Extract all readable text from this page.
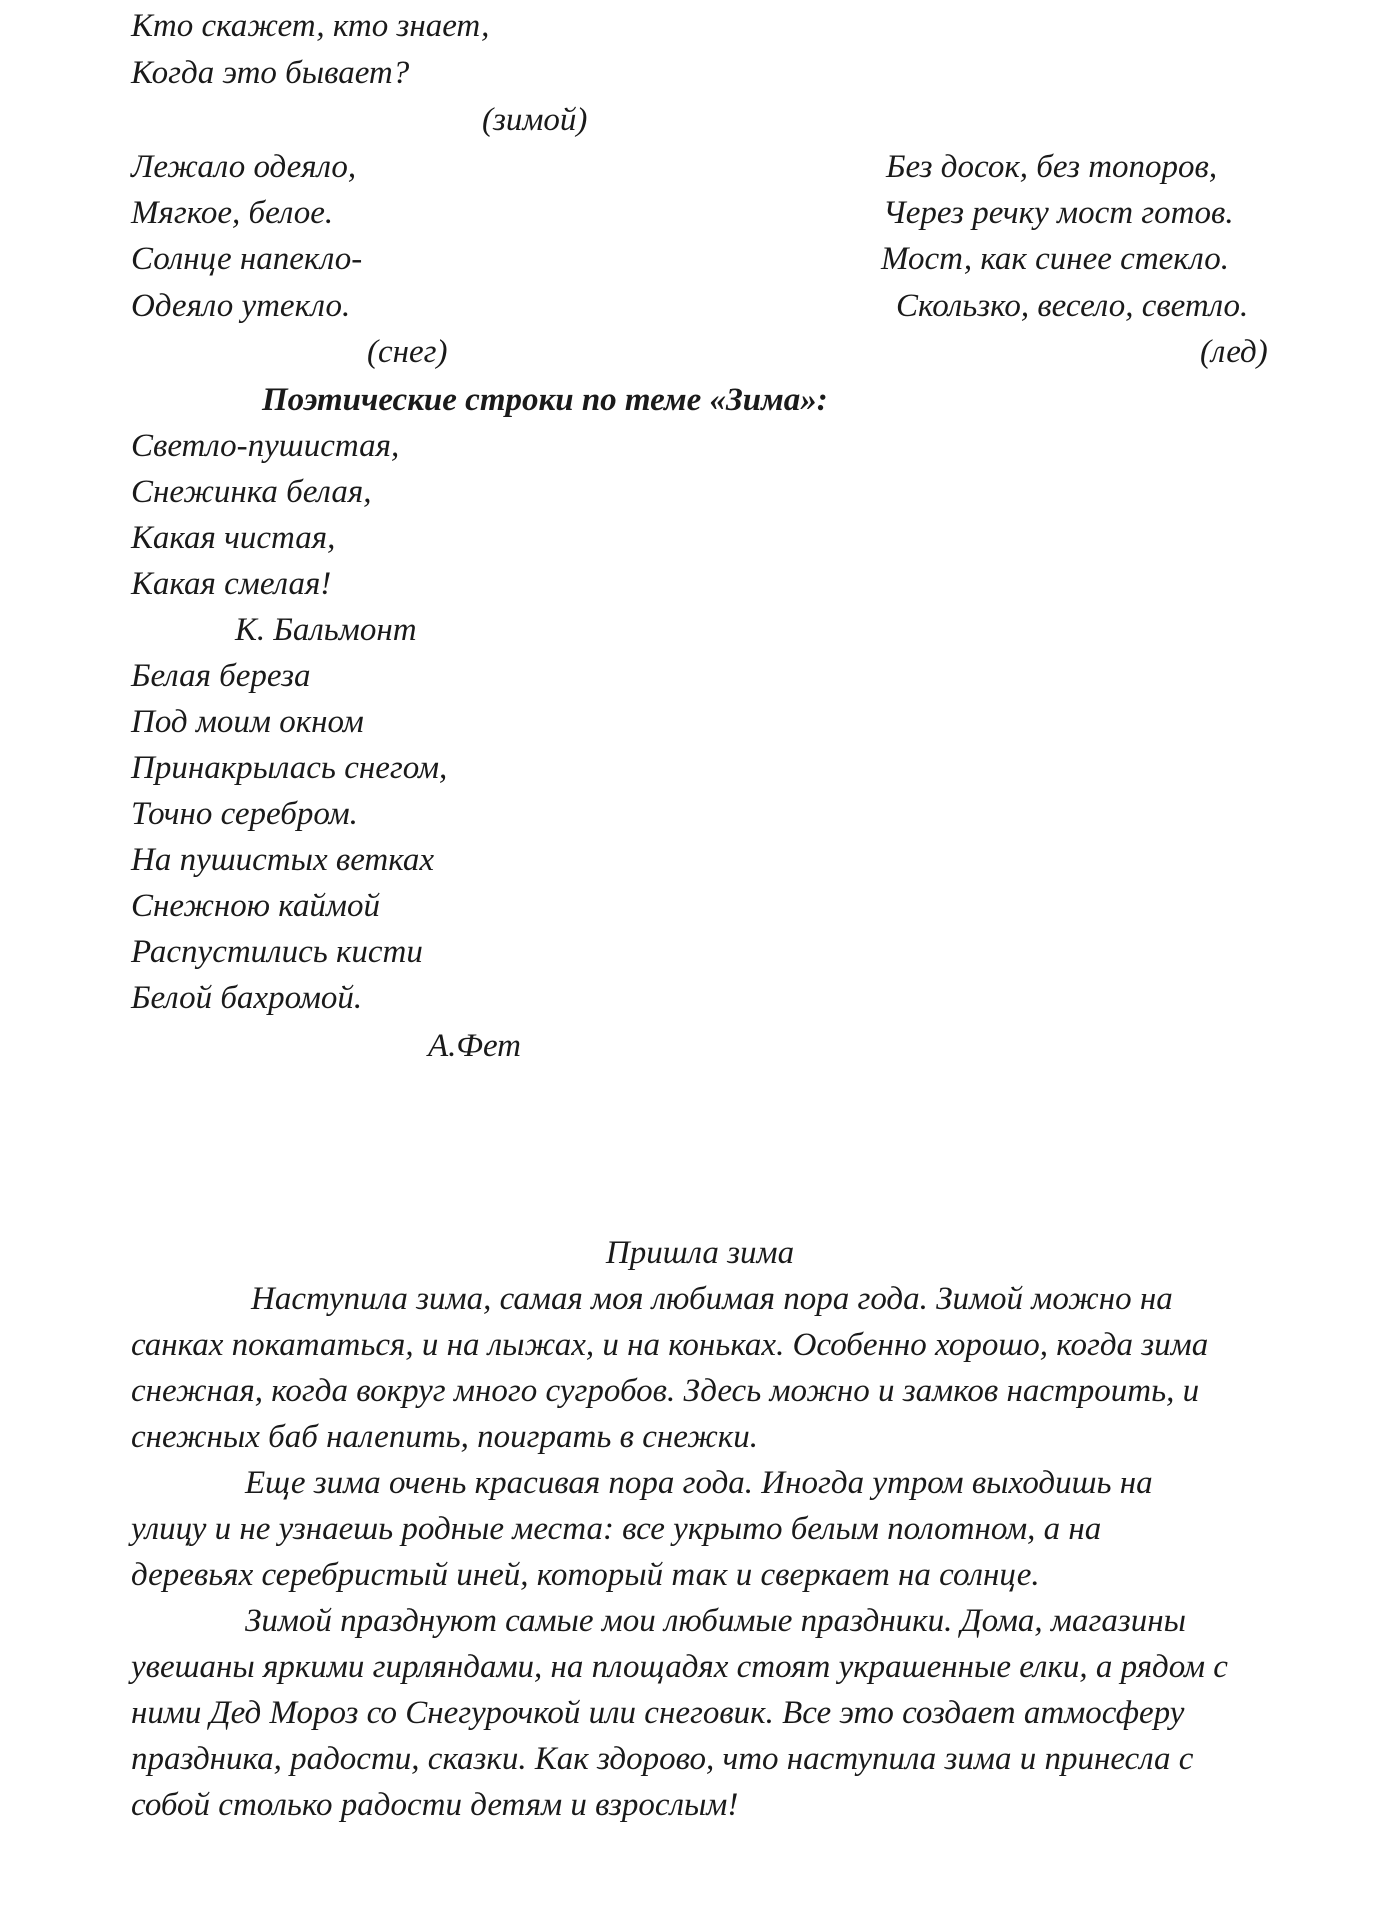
Кто скажет, кто знает,
Когда это бывает?
(зимой)
Лежало одеяло,
Мягкое, белое.
Солнце напекло-
Одеяло утекло.
(снег)
Без досок, без топоров,
Через речку мост готов.
Мост, как синее стекло.
Скользко, весело, светло.
(лед)
Поэтические строки по теме «Зима»:
Светло-пушистая,
Снежинка белая,
Какая чистая,
Какая смелая!
К. Бальмонт
Белая береза
Под моим окном
Принакрылась снегом,
Точно серебром.
На пушистых ветках
Снежною каймой
Распустились кисти
Белой бахромой.
А.Фет
Пришла зима
Наступила зима, самая моя любимая пора года. Зимой можно на
санках покататься, и на лыжах, и на коньках. Особенно хорошо, когда зима
снежная, когда вокруг много сугробов. Здесь можно и замков настроить, и
снежных баб налепить, поиграть в снежки.
Еще зима очень красивая пора года. Иногда утром выходишь на
улицу и не узнаешь родные места: все укрыто белым полотном, а на
деревьях серебристый иней, который так и сверкает на солнце.
Зимой празднуют самые мои любимые праздники. Дома, магазины
увешаны яркими гирляндами, на площадях стоят украшенные елки, а рядом с
ними Дед Мороз со Снегурочкой или снеговик. Все это создает атмосферу
праздника, радости, сказки. Как здорово, что наступила зима и принесла с
собой столько радости детям и взрослым!
